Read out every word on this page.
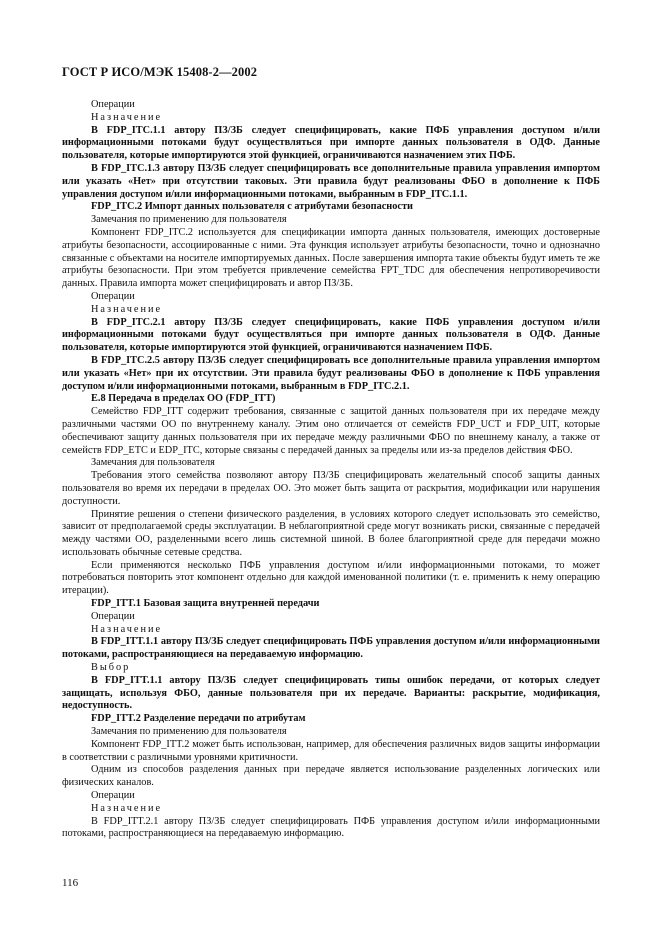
ГОСТ Р ИСО/МЭК 15408-2—2002

Операции

Назначение

В FDP_ITC.1.1 автору ПЗ/ЗБ следует специфицировать, какие ПФБ управления доступом и/или информационными потоками будут осуществляться при импорте данных пользователя в ОДФ. Данные пользователя, которые импортируются этой функцией, ограничиваются назначением этих ПФБ.

В FDP_ITC.1.3 автору ПЗ/ЗБ следует специфицировать все дополнительные правила управления импортом или указать «Нет» при отсутствии таковых. Эти правила будут реализованы ФБО в дополнение к ПФБ управления доступом и/или информационными потоками, выбранным в FDP_ITC.1.1.

FDP_ITC.2 Импорт данных пользователя с атрибутами безопасности

Замечания по применению для пользователя

Компонент FDP_ITC.2 используется для спецификации импорта данных пользователя, имеющих достоверные атрибуты безопасности, ассоциированные с ними. Эта функция использует атрибуты безопасности, точно и однозначно связанные с объектами на носителе импортируемых данных. После завершения импорта такие объекты будут иметь те же атрибуты безопасности. При этом требуется привлечение семейства FPT_TDC для обеспечения непротиворечивости данных. Правила импорта может специфицировать и автор ПЗ/ЗБ.

Операции

Назначение

В FDP_ITC.2.1 автору ПЗ/ЗБ следует специфицировать, какие ПФБ управления доступом и/или информационными потоками будут осуществляться при импорте данных пользователя в ОДФ. Данные пользователя, которые импортируются этой функцией, ограничиваются назначением ПФБ.

В FDP_ITC.2.5 автору ПЗ/ЗБ следует специфицировать все дополнительные правила управления импортом или указать «Нет» при их отсутствии. Эти правила будут реализованы ФБО в дополнение к ПФБ управления доступом и/или информационными потоками, выбранным в FDP_ITC.2.1.

Е.8 Передача в пределах ОО (FDP_ITT)

Семейство FDP_ITT содержит требования, связанные с защитой данных пользователя при их передаче между различными частями ОО по внутреннему каналу. Этим оно отличается от семейств FDP_UCT и FDP_UIT, которые обеспечивают защиту данных пользователя при их передаче между различными ФБО по внешнему каналу, а также от семейств FDP_ETC и EDP_ITC, которые связаны с передачей данных за пределы или из-за пределов действия ФБО.

Замечания для пользователя

Требования этого семейства позволяют автору ПЗ/ЗБ специфицировать желательный способ защиты данных пользователя во время их передачи в пределах ОО. Это может быть защита от раскрытия, модификации или нарушения доступности.

Принятие решения о степени физического разделения, в условиях которого следует использовать это семейство, зависит от предполагаемой среды эксплуатации. В неблагоприятной среде могут возникать риски, связанные с передачей между частями ОО, разделенными всего лишь системной шиной. В более благоприятной среде для передачи можно использовать обычные сетевые средства.

Если применяются несколько ПФБ управления доступом и/или информационными потоками, то может потребоваться повторить этот компонент отдельно для каждой именованной политики (т. е. применить к нему операцию итерации).

FDP_ITT.1 Базовая защита внутренней передачи

Операции

Назначение

В FDP_ITT.1.1 автору ПЗ/ЗБ следует специфицировать ПФБ управления доступом и/или информационными потоками, распространяющиеся на передаваемую информацию.

Выбор

В FDP_ITT.1.1 автору ПЗ/ЗБ следует специфицировать типы ошибок передачи, от которых следует защищать, используя ФБО, данные пользователя при их передаче. Варианты: раскрытие, модификация, недоступность.

FDP_ITT.2 Разделение передачи по атрибутам

Замечания по применению для пользователя

Компонент FDP_ITT.2 может быть использован, например, для обеспечения различных видов защиты информации в соответствии с различными уровнями критичности.

Одним из способов разделения данных при передаче является использование разделенных логических или физических каналов.

Операции

Назначение

В FDP_ITT.2.1 автору ПЗ/ЗБ следует специфицировать ПФБ управления доступом и/или информационными потоками, распространяющиеся на передаваемую информацию.

116
